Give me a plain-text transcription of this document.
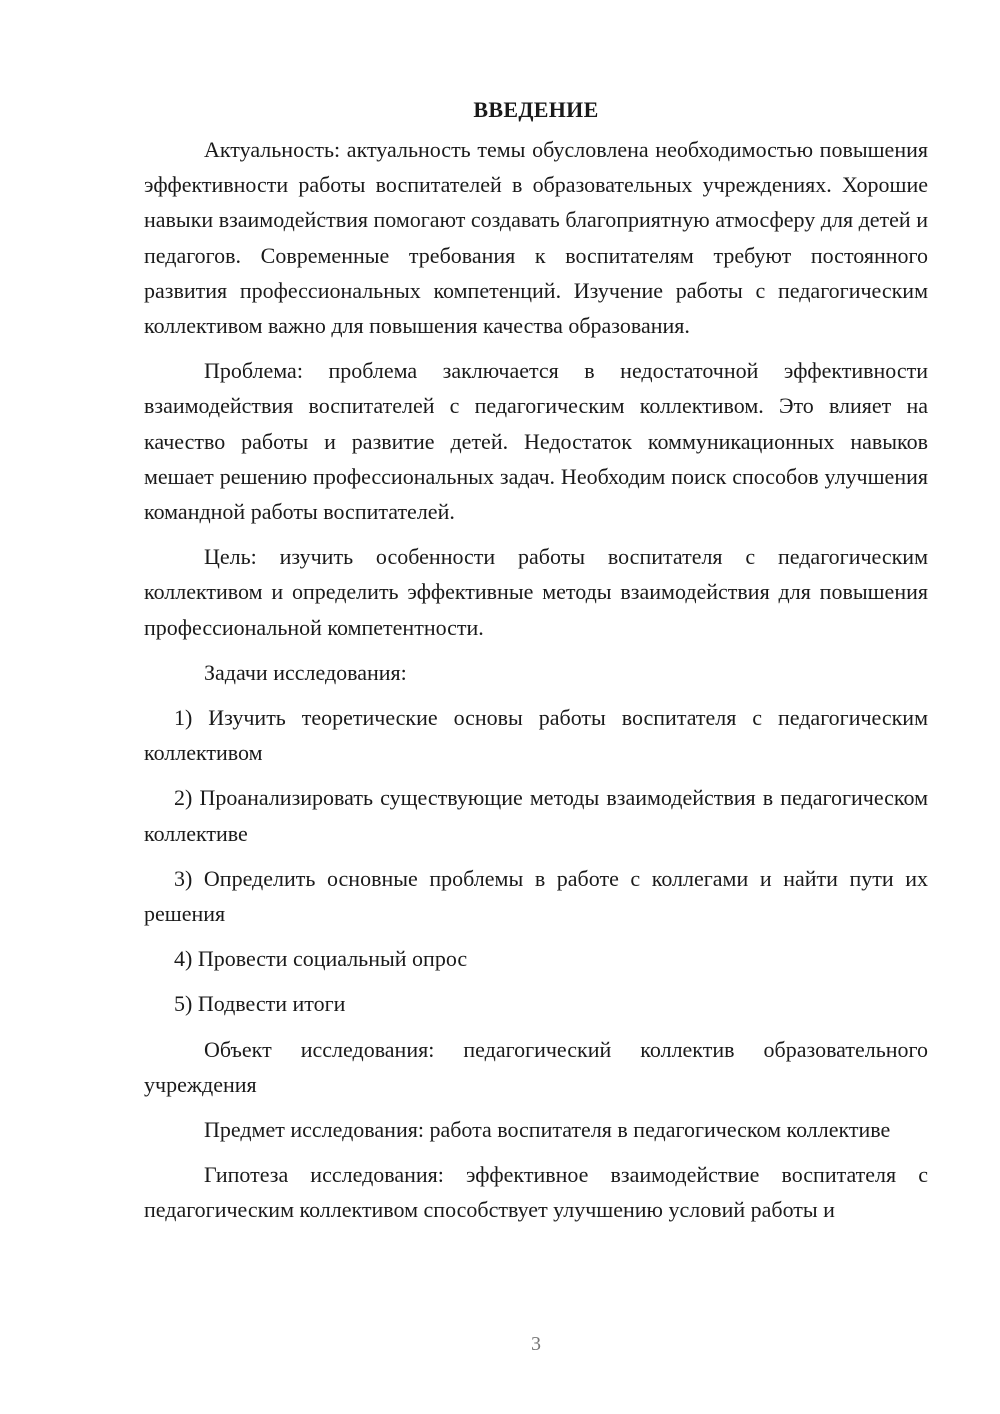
ВВЕДЕНИЕ

Актуальность: актуальность темы обусловлена необходимостью повышения эффективности работы воспитателей в образовательных учреждениях. Хорошие навыки взаимодействия помогают создавать благоприятную атмосферу для детей и педагогов. Современные требования к воспитателям требуют постоянного развития профессиональных компетенций. Изучение работы с педагогическим коллективом важно для повышения качества образования.

Проблема: проблема заключается в недостаточной эффективности взаимодействия воспитателей с педагогическим коллективом. Это влияет на качество работы и развитие детей. Недостаток коммуникационных навыков мешает решению профессиональных задач. Необходим поиск способов улучшения командной работы воспитателей.

Цель: изучить особенности работы воспитателя с педагогическим коллективом и определить эффективные методы взаимодействия для повышения профессиональной компетентности.

Задачи исследования:

1) Изучить теоретические основы работы воспитателя с педагогическим коллективом

2) Проанализировать существующие методы взаимодействия в педагогическом коллективе

3) Определить основные проблемы в работе с коллегами и найти пути их решения

4) Провести социальный опрос

5) Подвести итоги

Объект исследования: педагогический коллектив образовательного учреждения

Предмет исследования: работа воспитателя в педагогическом коллективе

Гипотеза исследования: эффективное взаимодействие воспитателя с педагогическим коллективом способствует улучшению условий работы и

3
